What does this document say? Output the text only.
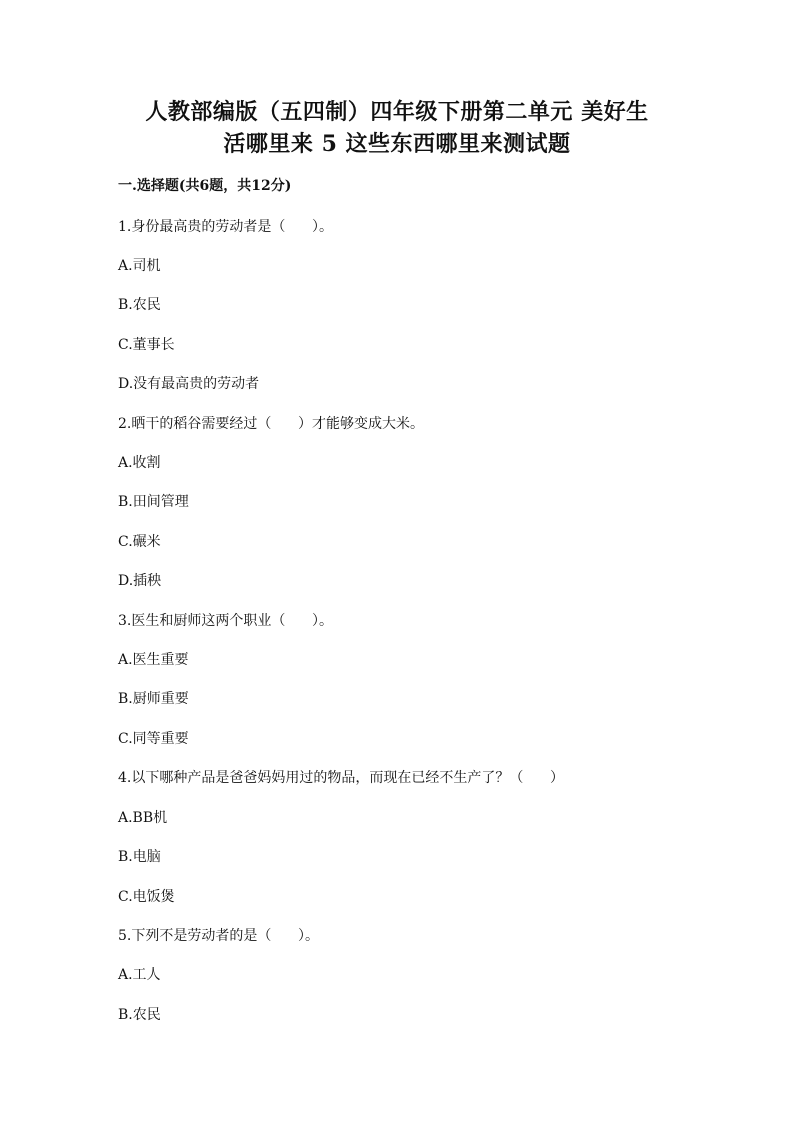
人教部编版（五四制）四年级下册第二单元 美好生
活哪里来 5 这些东西哪里来测试题
一.选择题(共6题，共12分)
1.身份最高贵的劳动者是（      ）。
A.司机
B.农民
C.董事长
D.没有最高贵的劳动者
2.晒干的稻谷需要经过（      ）才能够变成大米。
A.收割
B.田间管理
C.碾米
D.插秧
3.医生和厨师这两个职业（      ）。
A.医生重要
B.厨师重要
C.同等重要
4.以下哪种产品是爸爸妈妈用过的物品，而现在已经不生产了？（      ）
A.BB机
B.电脑
C.电饭煲
5.下列不是劳动者的是（      ）。
A.工人
B.农民
